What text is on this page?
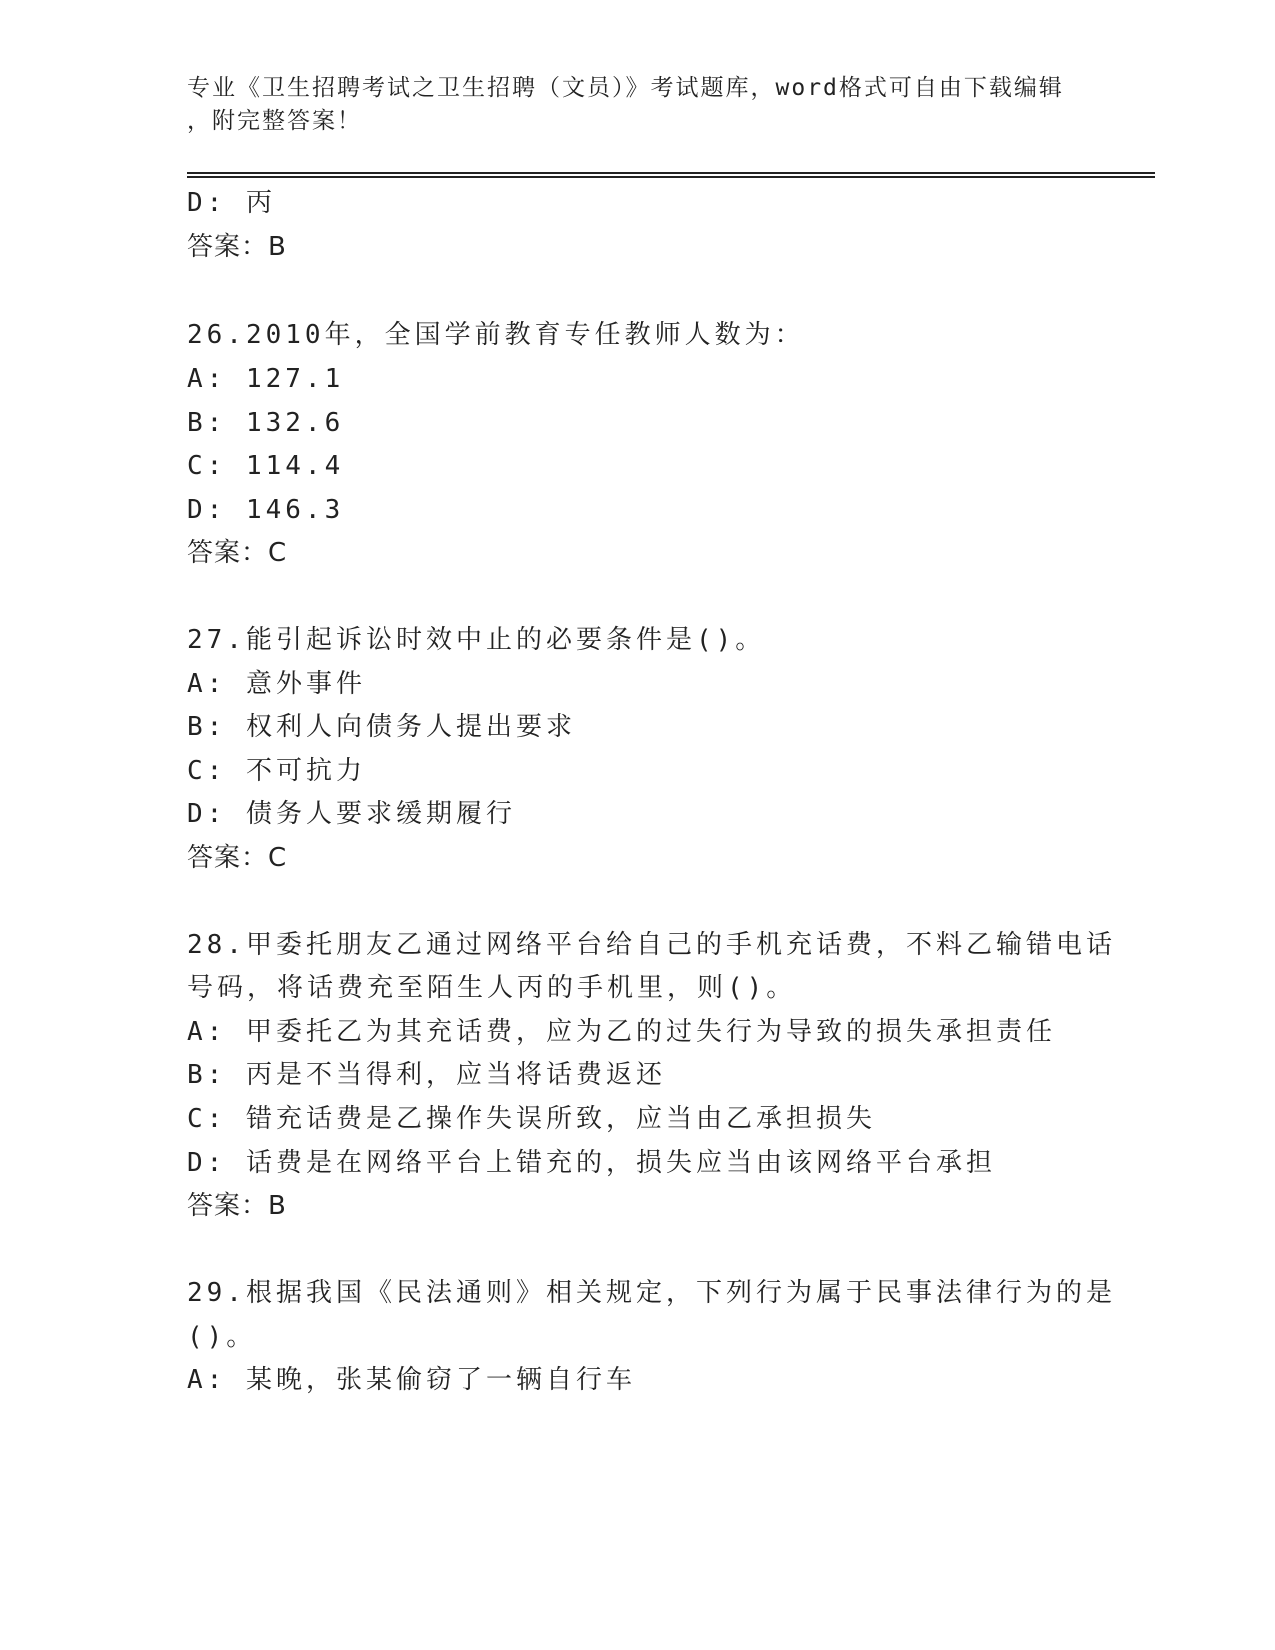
专业《卫生招聘考试之卫生招聘（文员）》考试题库，word格式可自由下载编辑
，附完整答案！
D: 丙
答案：B
26.2010年，全国学前教育专任教师人数为：
A: 127.1
B: 132.6
C: 114.4
D: 146.3
答案：C
27.能引起诉讼时效中止的必要条件是()。
A: 意外事件
B: 权利人向债务人提出要求
C: 不可抗力
D: 债务人要求缓期履行
答案：C
28.甲委托朋友乙通过网络平台给自己的手机充话费，不料乙输错电话
号码，将话费充至陌生人丙的手机里，则()。
A: 甲委托乙为其充话费，应为乙的过失行为导致的损失承担责任
B: 丙是不当得利，应当将话费返还
C: 错充话费是乙操作失误所致，应当由乙承担损失
D: 话费是在网络平台上错充的，损失应当由该网络平台承担
答案：B
29.根据我国《民法通则》相关规定，下列行为属于民事法律行为的是
()。
A: 某晚，张某偷窃了一辆自行车
